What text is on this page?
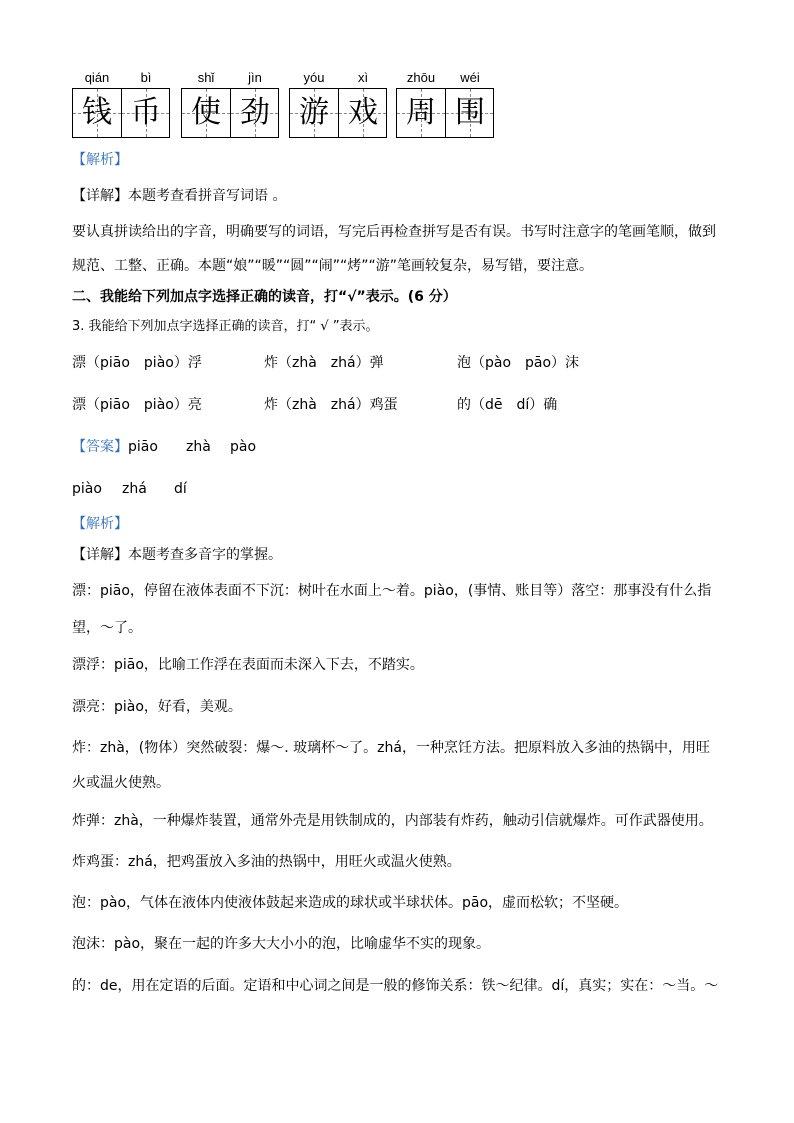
qián	bì	shǐ	jìn	yóu	xì	zhōu	wéi
钱 币	使 劲 游 戏 周 围
【解析】
【详解】本题考查看拼音写词语 。
要认真拼读给出的字音，明确要写的词语，写完后再检查拼写是否有误。书写时注意字的笔画笔顺，做到
规范、工整、正确。本题“娘”“暖”“圆”“闹”“烤”“游”笔画较复杂，易写错，要注意。
二、我能给下列加点字选择正确的读音，打“√”表示。(6 分）
3. 我能给下列加点字选择正确的读音，打“ √ ”表示。
漂（piāo　piào）浮	炸（zhà　zhá）弹	泡（pào　pāo）沫
漂（piāo　piào）亮	炸（zhà　zhá）鸡蛋	的（dē　dí）确
【答案】 piāo zhà pào
piào zhá dí
【解析】
【详解】本题考查多音字的掌握。
漂：piāo，停留在液体表面不下沉：树叶在水面上～着。piào，(事情、账目等）落空：那事没有什么指
望，～了。
漂浮：piāo，比喻工作浮在表面而未深入下去，不踏实。
漂亮：piào，好看，美观。
炸：zhà，(物体）突然破裂：爆～. 玻璃杯～了。zhá，一种烹饪方法。把原料放入多油的热锅中，用旺
火或温火使熟。
炸弹：zhà，一种爆炸装置，通常外壳是用铁制成的，内部装有炸药，触动引信就爆炸。可作武器使用。
炸鸡蛋：zhá，把鸡蛋放入多油的热锅中，用旺火或温火使熟。
泡：pào，气体在液体内使液体鼓起来造成的球状或半球状体。pāo，虚而松软；不坚硬。
泡沫：pào，聚在一起的许多大大小小的泡，比喻虚华不实的现象。
的：de，用在定语的后面。定语和中心词之间是一般的修饰关系：铁～纪律。dí，真实；实在：～当。～
